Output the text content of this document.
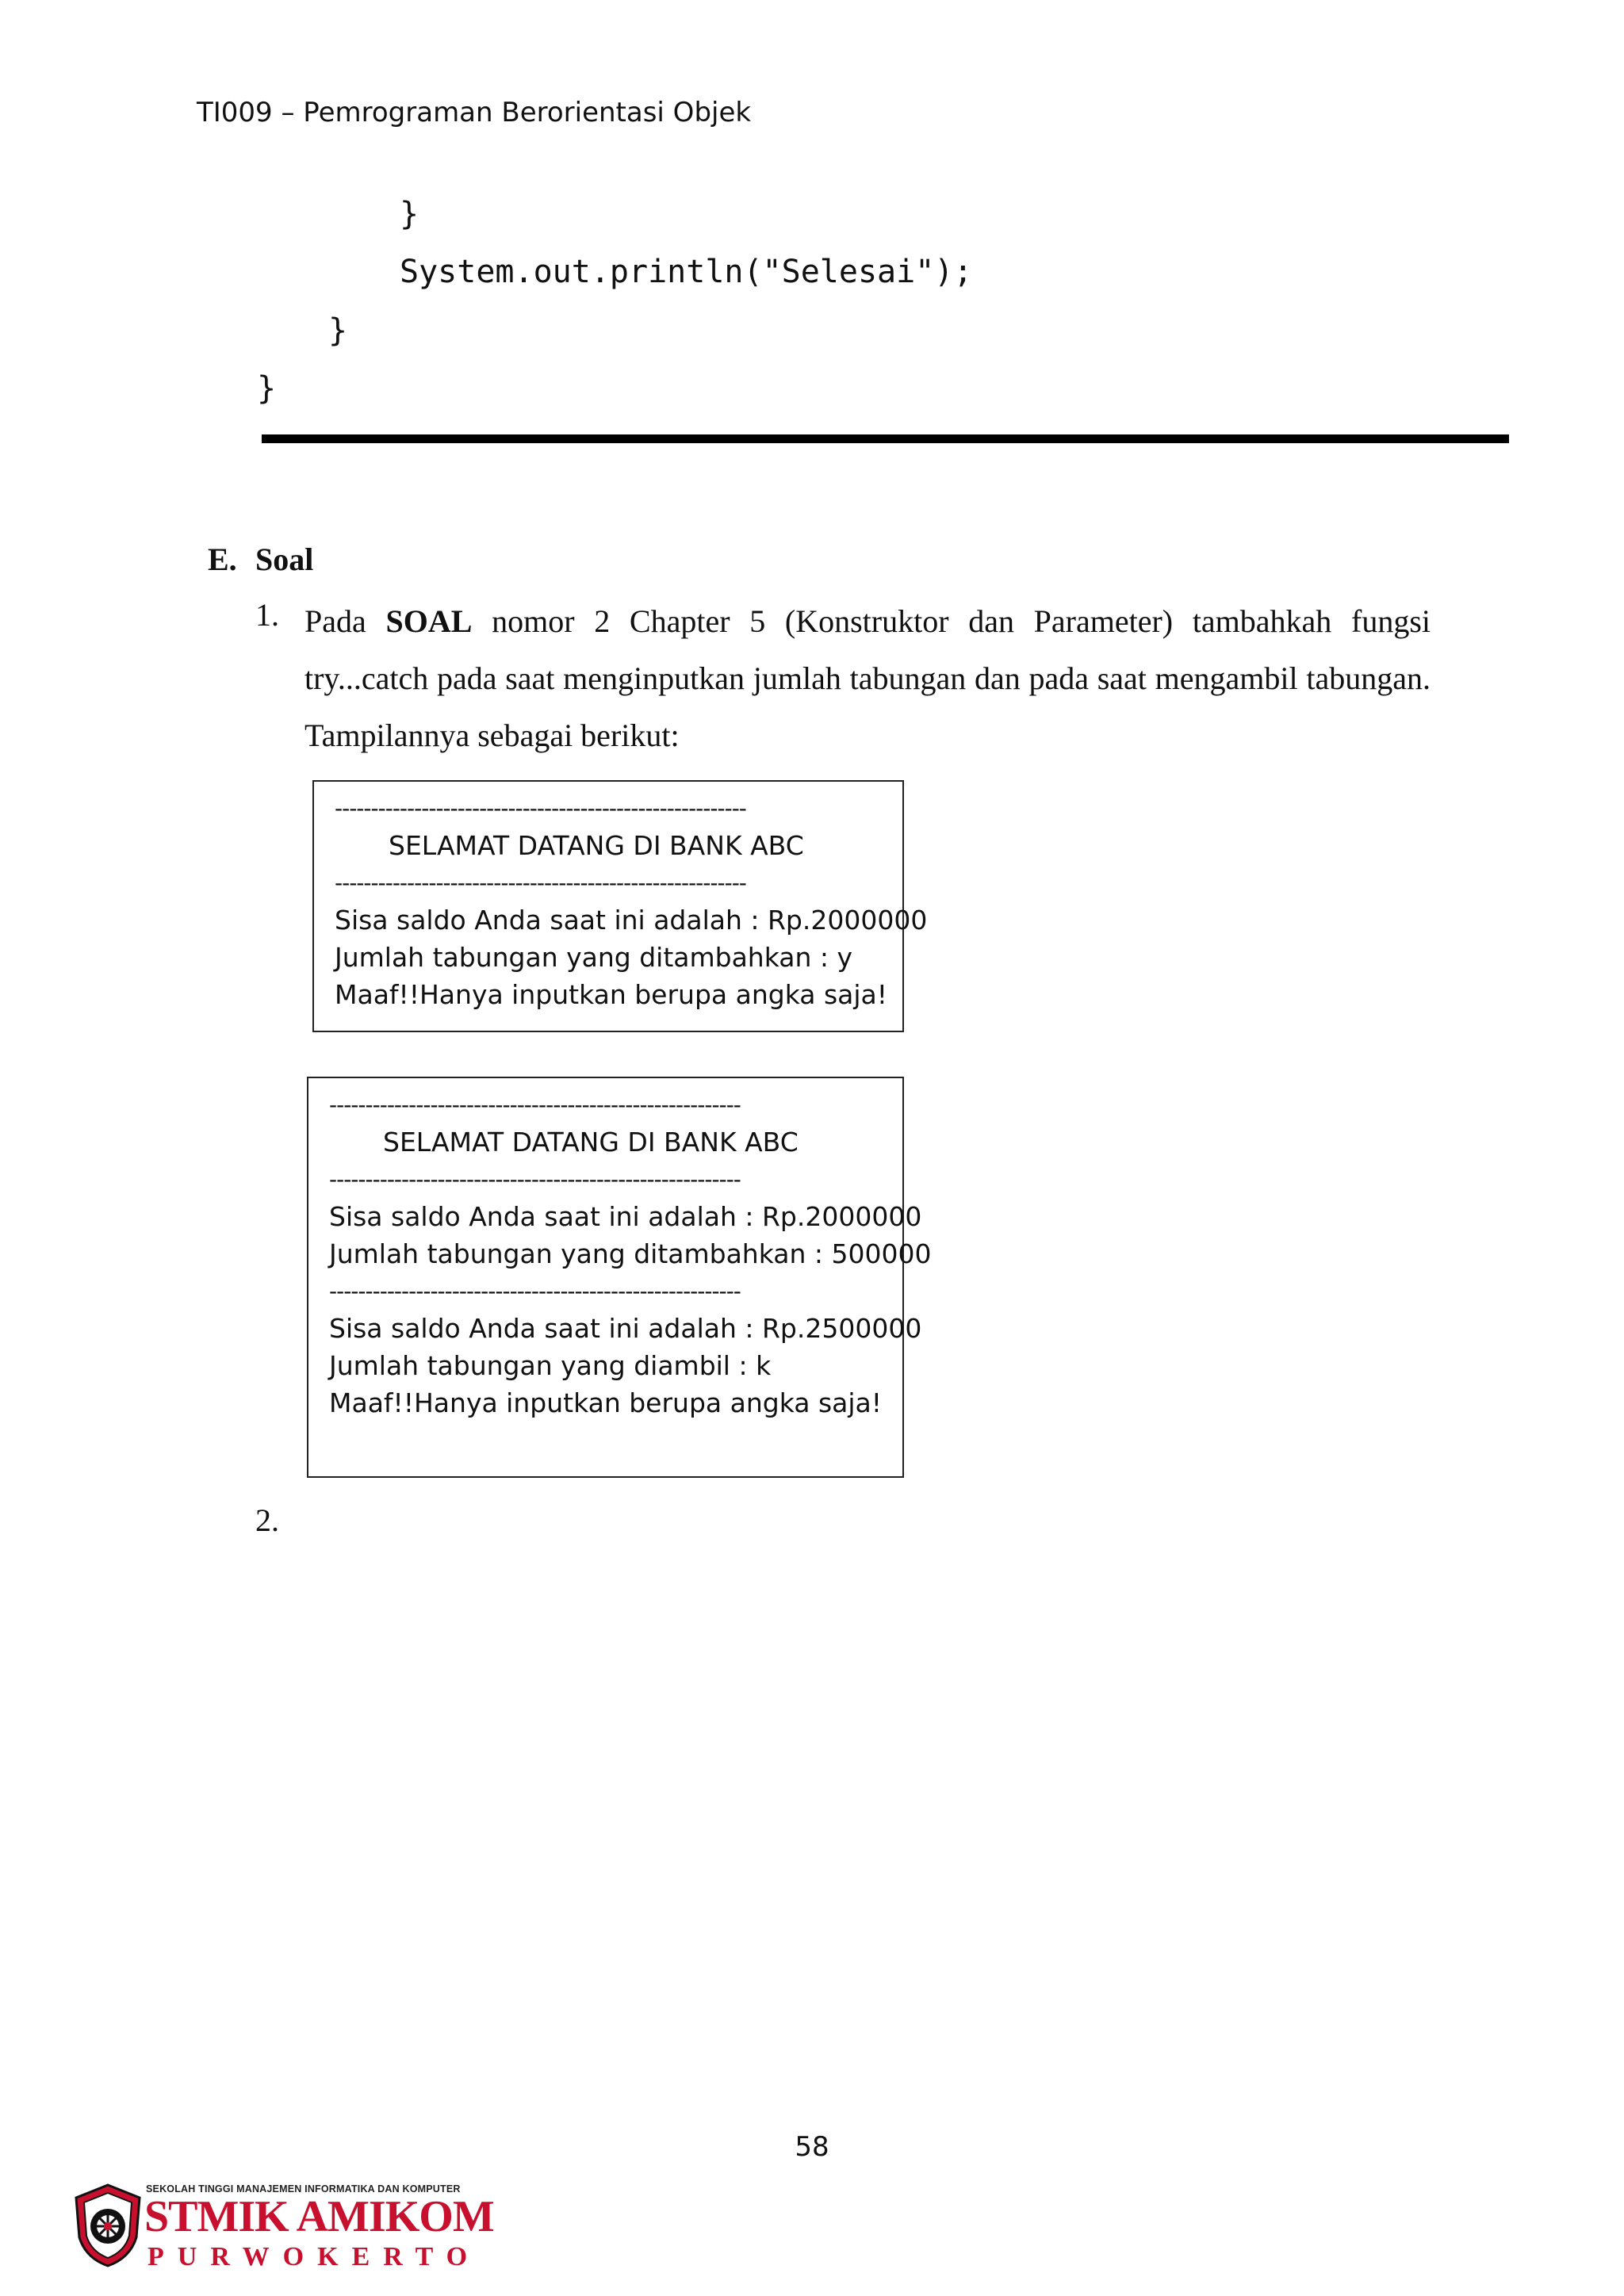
TI009 – Pemrograman Berorientasi Objek
}
System.out.println("Selesai");
}
}
E. Soal
1. Pada SOAL nomor 2 Chapter 5 (Konstruktor dan Parameter) tambahkah fungsi try...catch pada saat menginputkan jumlah tabungan dan pada saat mengambil tabungan. Tampilannya sebagai berikut:
---------------------------------------------------------
SELAMAT DATANG DI BANK ABC
---------------------------------------------------------
Sisa saldo Anda saat ini adalah : Rp.2000000
Jumlah tabungan yang ditambahkan : y
Maaf!!Hanya inputkan berupa angka saja!
---------------------------------------------------------
SELAMAT DATANG DI BANK ABC
---------------------------------------------------------
Sisa saldo Anda saat ini adalah : Rp.2000000
Jumlah tabungan yang ditambahkan : 500000
---------------------------------------------------------
Sisa saldo Anda saat ini adalah : Rp.2500000
Jumlah tabungan yang diambil : k
Maaf!!Hanya inputkan berupa angka saja!
2.
58
SEKOLAH TINGGI MANAJEMEN INFORMATIKA DAN KOMPUTER
STMIK AMIKOM
PURWOKERTO
